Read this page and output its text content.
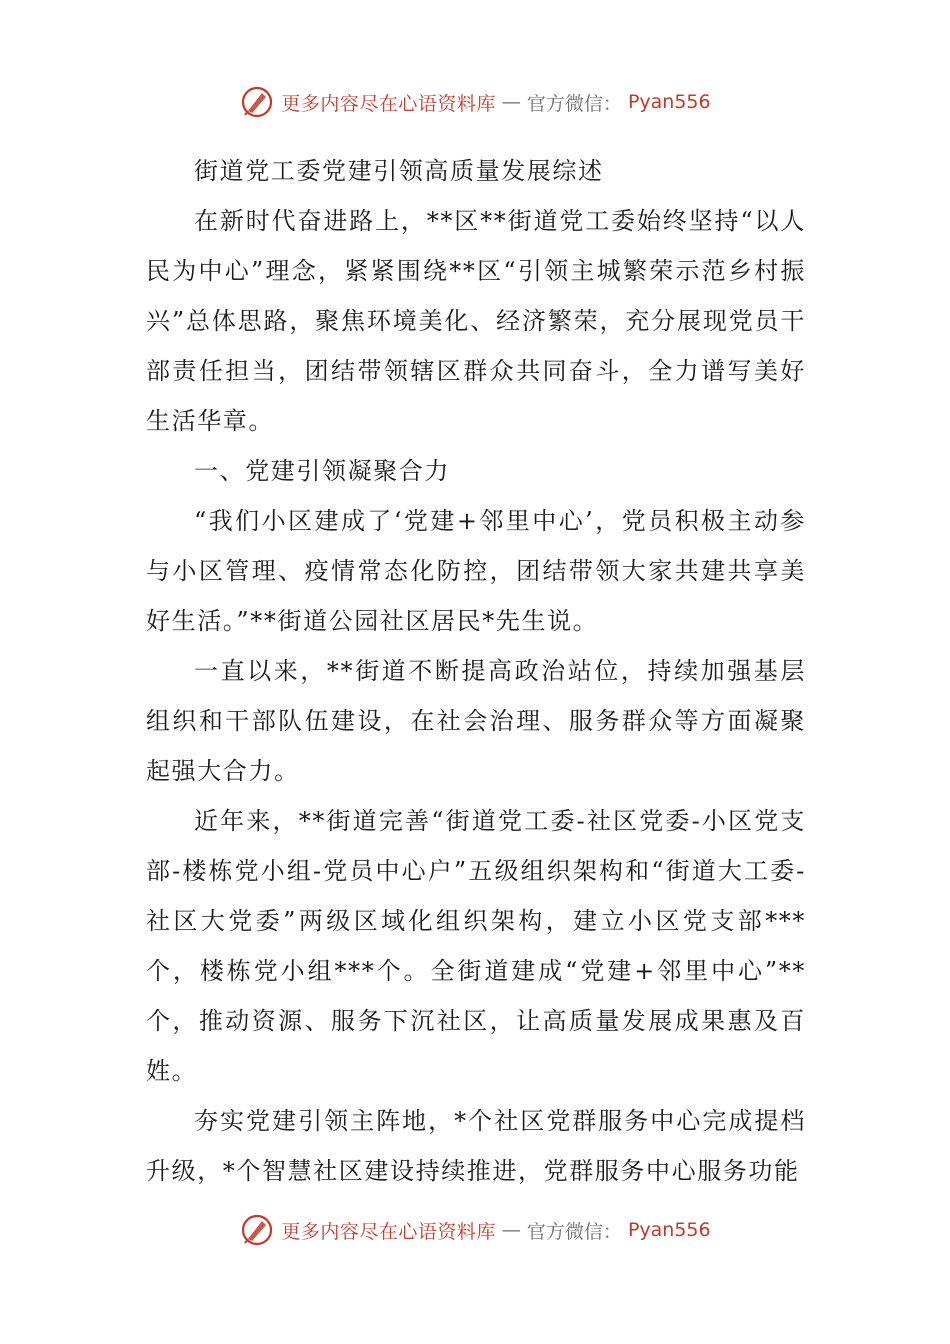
更多内容尽在心语资料库 — 官方微信： Pyan556

街道党工委党建引领高质量发展综述

在新时代奋进路上，**区**街道党工委始终坚持“以人民为中心”理念，紧紧围绕**区“引领主城繁荣示范乡村振兴”总体思路，聚焦环境美化、经济繁荣，充分展现党员干部责任担当，团结带领辖区群众共同奋斗，全力谱写美好生活华章。

一、党建引领凝聚合力

“我们小区建成了‘党建+邻里中心’，党员积极主动参与小区管理、疫情常态化防控，团结带领大家共建共享美好生活。”**街道公园社区居民*先生说。

一直以来，**街道不断提高政治站位，持续加强基层组织和干部队伍建设，在社会治理、服务群众等方面凝聚起强大合力。

近年来，**街道完善“街道党工委-社区党委-小区党支部-楼栋党小组-党员中心户”五级组织架构和“街道大工委-社区大党委”两级区域化组织架构，建立小区党支部***个，楼栋党小组***个。全街道建成“党建+邻里中心”**个，推动资源、服务下沉社区，让高质量发展成果惠及百姓。

夯实党建引领主阵地，*个社区党群服务中心完成提档升级，*个智慧社区建设持续推进，党群服务中心服务功能

更多内容尽在心语资料库 — 官方微信： Pyan556
